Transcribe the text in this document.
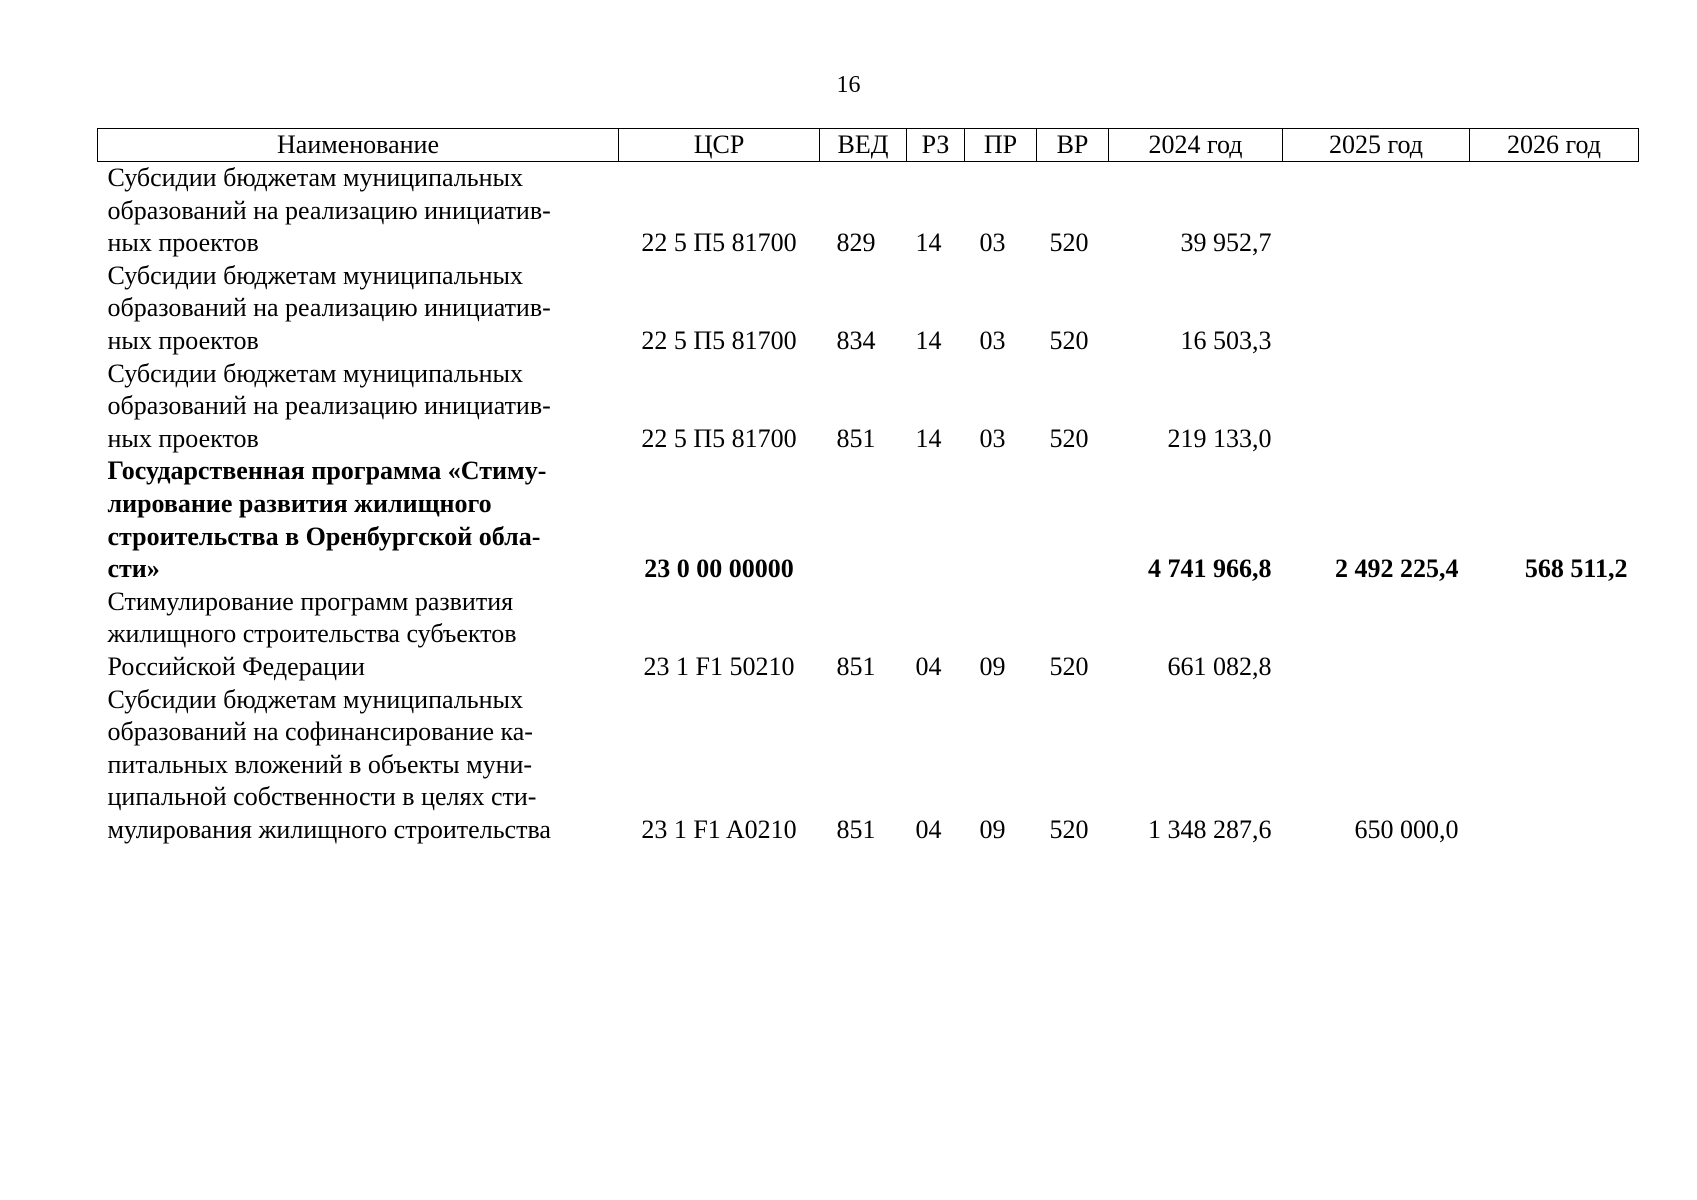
16
Наименование	ЦСР	ВЕД	РЗ	ПР	ВР	2024 год	2025 год	2026 год

Субсидии бюджетам муниципальных
образований на реализацию инициатив-
ных проектов	22 5 П5 81700	829	14	03	520	39 952,7		

Субсидии бюджетам муниципальных
образований на реализацию инициатив-
ных проектов	22 5 П5 81700	834	14	03	520	16 503,3		

Субсидии бюджетам муниципальных
образований на реализацию инициатив-
ных проектов	22 5 П5 81700	851	14	03	520	219 133,0		

Государственная программа «Стиму-
лирование развития жилищного
строительства в Оренбургской обла-
сти»	23 0 00 00000					4 741 966,8	2 492 225,4	568 511,2

Стимулирование программ развития
жилищного строительства субъектов
Российской Федерации	23 1 F1 50210	851	04	09	520	661 082,8		

Субсидии бюджетам муниципальных
образований на софинансирование ка-
питальных вложений в объекты муни-
ципальной собственности в целях сти-
мулирования жилищного строительства	23 1 F1 A0210	851	04	09	520	1 348 287,6	650 000,0	
